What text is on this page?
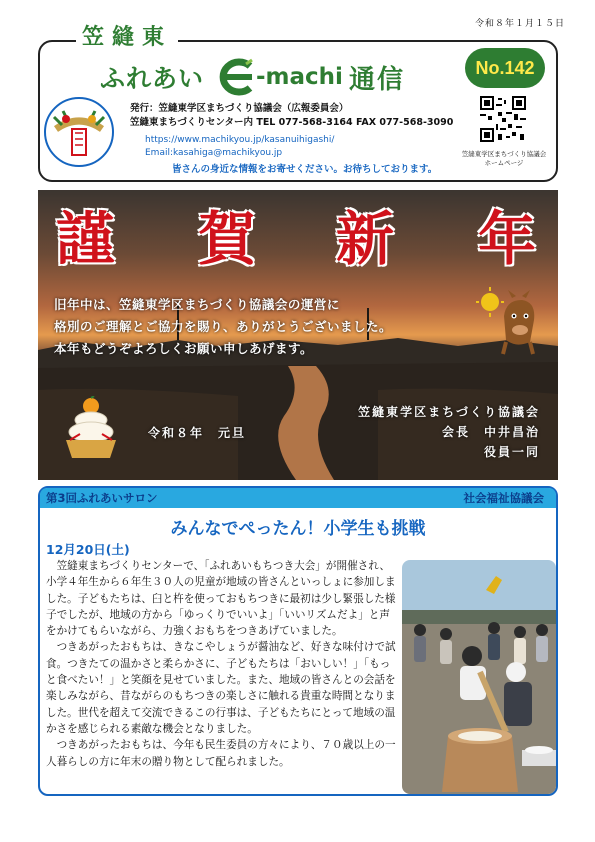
令和８年１月１５日
笠縫東
ふれあい -machi 通信	No.142
発行：笠縫東学区まちづくり協議会（広報委員会）
笠縫東まちづくりセンター内 TEL 077-568-3164 FAX 077-568-3090
https://www.machikyou.jp/kasanuihigashi/
Email:kasahiga@machikyou.jp
皆さんの身近な情報をお寄せください。お待ちしております。
笠縫東学区まちづくり協議会
ホームページ
謹 賀 新 年
旧年中は、笠縫東学区まちづくり協議会の運営に
格別のご理解とご協力を賜り、ありがとうございました。
本年もどうぞよろしくお願い申しあげます。
令和８年　元旦
笠縫東学区まちづくり協議会
会長　中井昌治
役員一同
第3回ふれあいサロン	社会福祉協議会
みんなでぺったん！小学生も挑戦
12月20日(土)

笠縫東まちづくりセンターで、「ふれあいもちつき大会」が開催され、小学４年生から６年生３０人の児童が地域の皆さんといっしょに参加しました。子どもたちは、臼と杵を使っておもちつきに最初は少し緊張した様子でしたが、地域の方から「ゆっくりでいいよ」「いいリズムだよ」と声をかけてもらいながら、力強くおもちをつきあげていました。

つきあがったおもちは、きなこやしょうが醤油など、好きな味付けで試食。つきたての温かさと柔らかさに、子どもたちは「おいしい！」「もっと食べたい！」と笑顔を見せていました。また、地域の皆さんとの会話を楽しみながら、昔ながらのもちつきの楽しさに触れる貴重な時間となりました。世代を超えて交流できるこの行事は、子どもたちにとって地域の温かさを感じられる素敵な機会となりました。

つきあがったおもちは、今年も民生委員の方々により、７０歳以上の一人暮らしの方に年末の贈り物として配られました。
